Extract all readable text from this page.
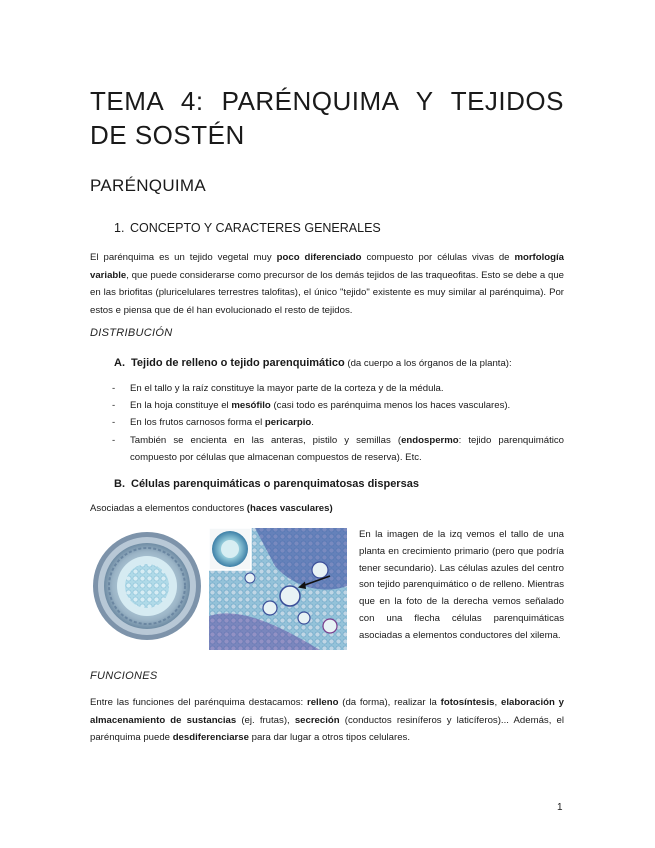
TEMA 4: PARÉNQUIMA Y TEJIDOS DE SOSTÉN
PARÉNQUIMA
1. CONCEPTO Y CARACTERES GENERALES

El parénquima es un tejido vegetal muy poco diferenciado compuesto por células vivas de morfología variable, que puede considerarse como precursor de los demás tejidos de las traqueofitas. Esto se debe a que en las briofitas (pluricelulares terrestres talofitas), el único "tejido" existente es muy similar al parénquima). Por estos e piensa que de él han evolucionado el resto de tejidos.

DISTRIBUCIÓN

A. Tejido de relleno o tejido parenquimático (da cuerpo a los órganos de la planta):

- En el tallo y la raíz constituye la mayor parte de la corteza y de la médula.
- En la hoja constituye el mesófilo (casi todo es parénquima menos los haces vasculares).
- En los frutos carnosos forma el pericarpio.
- También se encienta en las anteras, pistilo y semillas (endospermo: tejido parenquimático compuesto por células que almacenan compuestos de reserva). Etc.

B. Células parenquimáticas o parenquimatosas dispersas

Asociadas a elementos conductores (haces vasculares)

En la imagen de la izq vemos el tallo de una planta en crecimiento primario (pero que podría tener secundario). Las células azules del centro son tejido parenquimático o de relleno. Mientras que en la foto de la derecha vemos señalado con una flecha células parenquimáticas asociadas a elementos conductores del xilema.

FUNCIONES

Entre las funciones del parénquima destacamos: relleno (da forma), realizar la fotosíntesis, elaboración y almacenamiento de sustancias (ej. frutas), secreción (conductos resiníferos y laticíferos)... Además, el parénquima puede desdiferenciarse para dar lugar a otros tipos celulares.

1
